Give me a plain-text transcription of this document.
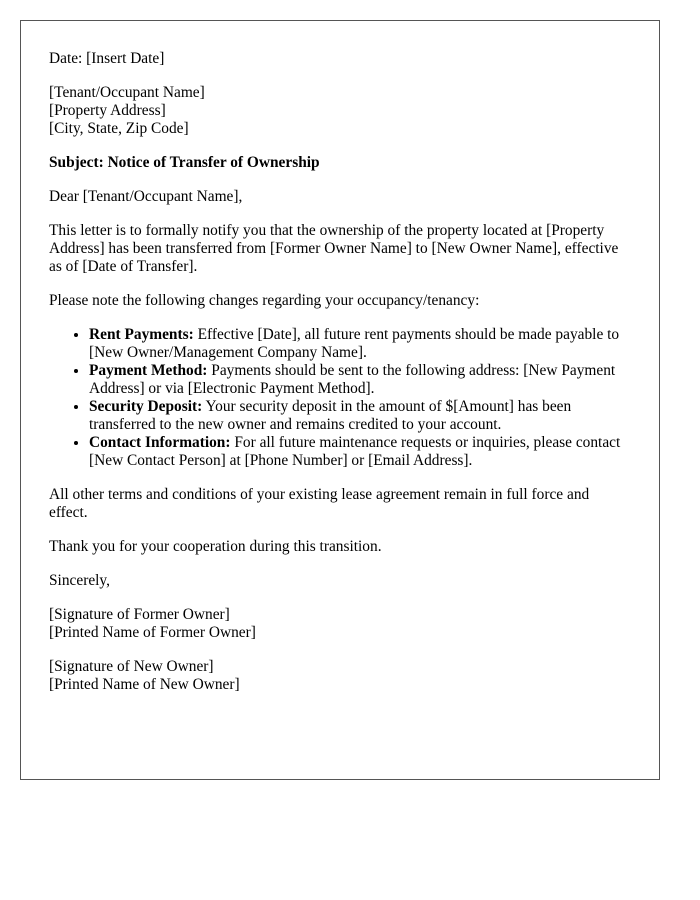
Date: [Insert Date]

[Tenant/Occupant Name]
[Property Address]
[City, State, Zip Code]

Subject: Notice of Transfer of Ownership

Dear [Tenant/Occupant Name],

This letter is to formally notify you that the ownership of the property located at [Property Address] has been transferred from [Former Owner Name] to [New Owner Name], effective as of [Date of Transfer].

Please note the following changes regarding your occupancy/tenancy:

• Rent Payments: Effective [Date], all future rent payments should be made payable to [New Owner/Management Company Name].
• Payment Method: Payments should be sent to the following address: [New Payment Address] or via [Electronic Payment Method].
• Security Deposit: Your security deposit in the amount of $[Amount] has been transferred to the new owner and remains credited to your account.
• Contact Information: For all future maintenance requests or inquiries, please contact [New Contact Person] at [Phone Number] or [Email Address].

All other terms and conditions of your existing lease agreement remain in full force and effect.

Thank you for your cooperation during this transition.

Sincerely,

[Signature of Former Owner]
[Printed Name of Former Owner]
[Signature of New Owner]
[Printed Name of New Owner]
